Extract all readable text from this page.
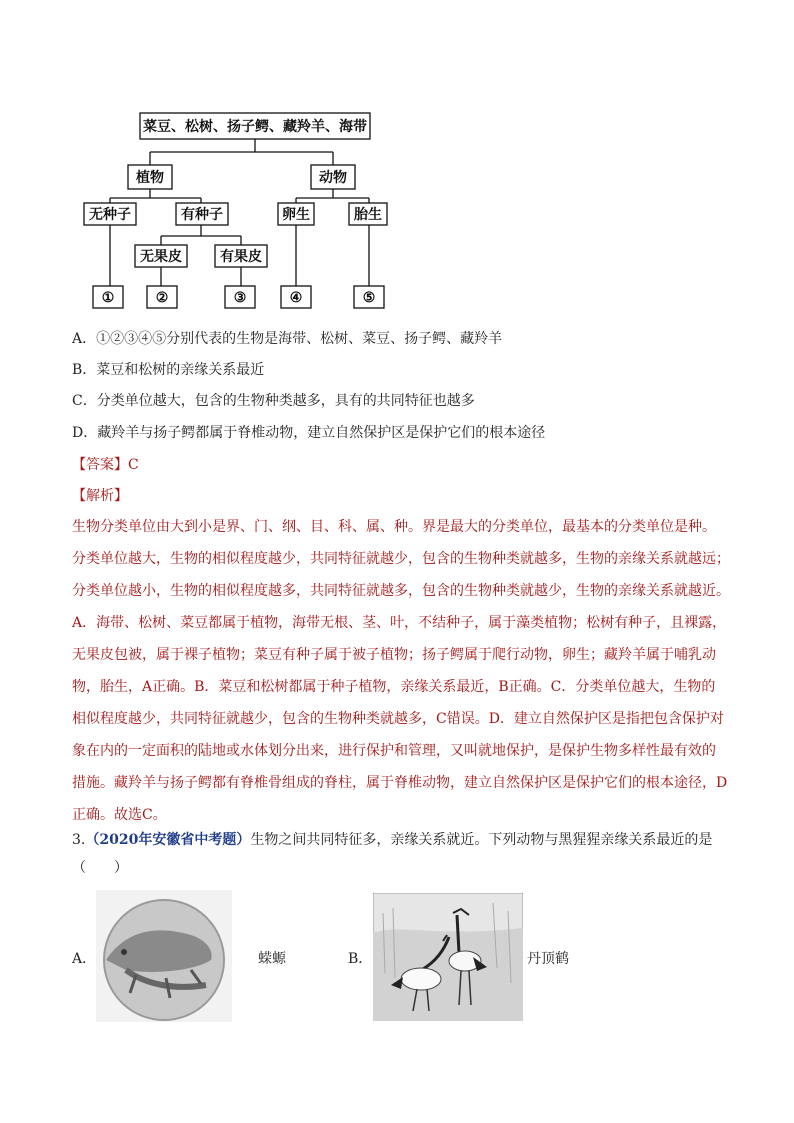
菜豆、松树、扬子鳄、藏羚羊、海带
植物	动物
无种子	有种子	卵生	胎生
无果皮	有果皮
①	②	③	④	⑤
A．①②③④⑤分别代表的生物是海带、松树、菜豆、扬子鳄、藏羚羊
B．菜豆和松树的亲缘关系最近
C．分类单位越大，包含的生物种类越多，具有的共同特征也越多
D．藏羚羊与扬子鳄都属于脊椎动物，建立自然保护区是保护它们的根本途径
【答案】C
【解析】

生物分类单位由大到小是界、门、纲、目、科、属、种。界是最大的分类单位，最基本的分类单位是种。

分类单位越大，生物的相似程度越少，共同特征就越少，包含的生物种类就越多，生物的亲缘关系就越远；

分类单位越小，生物的相似程度越多，共同特征就越多，包含的生物种类就越少，生物的亲缘关系就越近。

A．海带、松树、菜豆都属于植物，海带无根、茎、叶，不结种子，属于藻类植物；松树有种子，且裸露，

无果皮包被，属于裸子植物；菜豆有种子属于被子植物；扬子鳄属于爬行动物，卵生；藏羚羊属于哺乳动

物，胎生，A正确。B．菜豆和松树都属于种子植物，亲缘关系最近，B正确。C．分类单位越大，生物的

相似程度越少，共同特征就越少，包含的生物种类就越多，C错误。D．建立自然保护区是指把包含保护对

象在内的一定面积的陆地或水体划分出来，进行保护和管理，又叫就地保护，是保护生物多样性最有效的

措施。藏羚羊与扬子鳄都有脊椎骨组成的脊柱，属于脊椎动物，建立自然保护区是保护它们的根本途径，D

正确。故选C。

3.（2020年安徽省中考题）生物之间共同特征多，亲缘关系就近。下列动物与黑猩猩亲缘关系最近的是
（　　）
A．	蝾螈	B．	丹顶鹤
